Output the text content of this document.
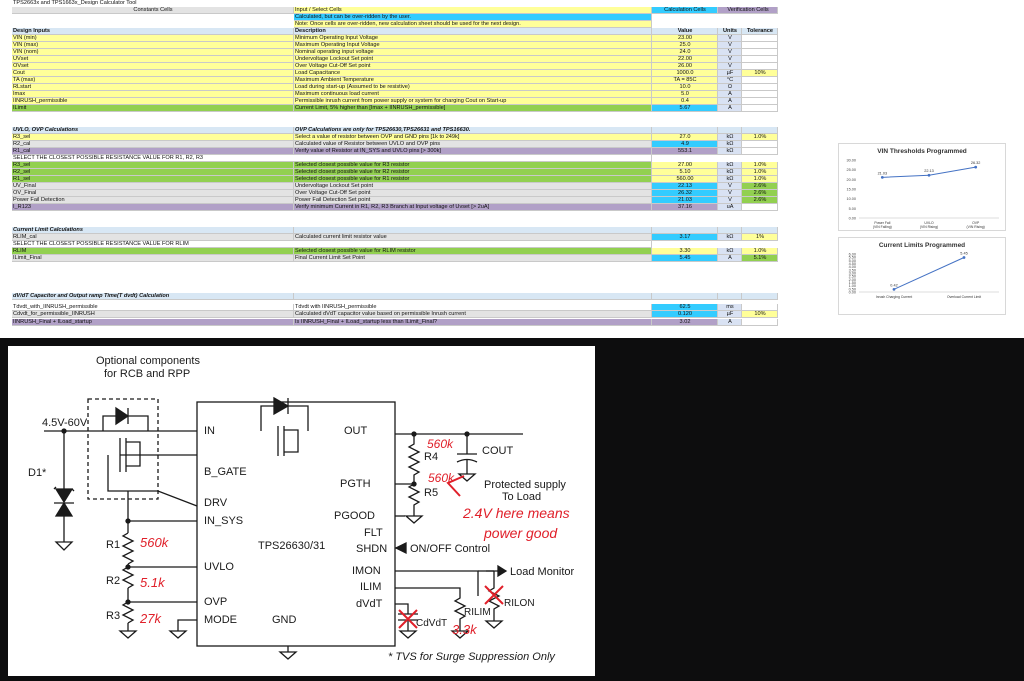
TPS2663x and TPS1663x_Design Calculator Tool
Constants Cells	Input / Select Cells	Calculation Cells	Verification Cells
Calculated, but can be over-ridden by the user.
Note: Once cells are over-ridden, new calculation sheet should be used for the next design.
Design Inputs	Description	Value	Units	Tolerance
VIN (min)	Minimum Operating Input Voltage	23.00	V
VIN (max)	Maximum Operating Input Voltage	25.0	V
VIN (nom)	Nominal operating input voltage	24.0	V
UVset	Undervoltage Lockout Set point	22.00	V
OVset	Over Voltage Cut-Off Set point	26.00	V
Cout	Load Capacitance	1000.0	µF	10%
TA (max)	Maximum Ambient Temperature	TA = 85C	°C
RLstart	Load during start-up (Assumed to be resistive)	10.0	Ω
Imax	Maximum continuous load current	5.0	A
IINRUSH_permissible	Permissible inrush current from power supply or system for charging Cout on Start-up	0.4	A
ILimit	Current Limit, 5% higher than [Imax + IINRUSH_permissible]	5.67	A
UVLO, OVP Calculations	OVP Calculations are only for TPS26630,TPS26631 and TPS16630.
R3_sel	Select a value of resistor between OVP and GND pins [1k to 249k]	27.0	kΩ	1.0%
R2_cal	Calculated value of Resistor between UVLO and OVP pins	4.9	kΩ
R1_cal	Verify value of Resistor at IN_SYS and UVLO pins [> 300k]	553.1	kΩ
SELECT THE CLOSEST POSSIBLE RESISTANCE VALUE FOR R1, R2, R3
R3_sel	Selected closest possible value for R3 resistor	27.00	kΩ	1.0%
R2_sel	Selected closest possible value for R2 resistor	5.10	kΩ	1.0%
R1_sel	Selected closest possible value for R1 resistor	560.00	kΩ	1.0%
UV_Final	Undervoltage Lockout Set point	22.13	V	2.6%
OV_Final	Over Voltage Cut-Off Set point	26.32	V	2.6%
Power Fail Detection	Power Fail Detection Set point	21.03	V	2.6%
I_R123	Verify minimum Current in R1, R2, R3 Branch at Input voltage of Uvset [> 2uA]	37.16	uA
Current Limit Calculations
RLIM_cal	Calculated current limit resistor value	3.17	kΩ	1%
SELECT THE CLOSEST POSSIBLE RESISTANCE VALUE FOR RLIM
RLIM	Selected closest possible value for RLIM resistor	3.30	kΩ	1.0%
ILimit_Final	Final Current Limit Set Point	5.45	A	5.1%
dV/dT Capacitor and Output ramp Time(T dvdt) Calculation
Tdvdt_with_IINRUSH_permissible	Tdvdt with IINRUSH_permissible	62.5	ms
Cdvdt_for_permissible_IINRUSH	Calculated dVdT capacitor value based on permissible Inrush current	0.120	µF	10%
IINRUSH_Final + ILoad_startup	Is IINRUSH_Final + ILoad_startup less than ILimit_Final?	3.02	A
VIN Thresholds Programmed
0.00
5.00
10.00
15.00
20.00
25.00
30.00
21.03
Power Fail
(VIN Falling)
22.13
UVLO
(VIN Rising)
26.32
OVP
(VIN Rising)
Current Limits Programmed
0.00
0.50
1.00
1.50
2.00
2.50
3.00
3.50
4.00
4.50
5.00
5.50
6.00
0.42
Inrush Charging Current
5.45
Overload Current Limit
Optional components
for RCB and RPP
4.5V-60V
D1*
IN
B_GATE
DRV
IN_SYS
UVLO
OVP
MODE	GND
OUT
PGTH
PGOOD
FLT
SHDN
IMON
ILIM
dVdT
TPS26630/31
R1
R2
R3
R4
R5
COUT
Protected supply
To Load
ON/OFF Control
Load Monitor
RILIM
RILON
CdVdT
* TVS for Surge Suppression Only
560k
5.1k
27k
560k
560k
2.4V here means
power good
3.3k
